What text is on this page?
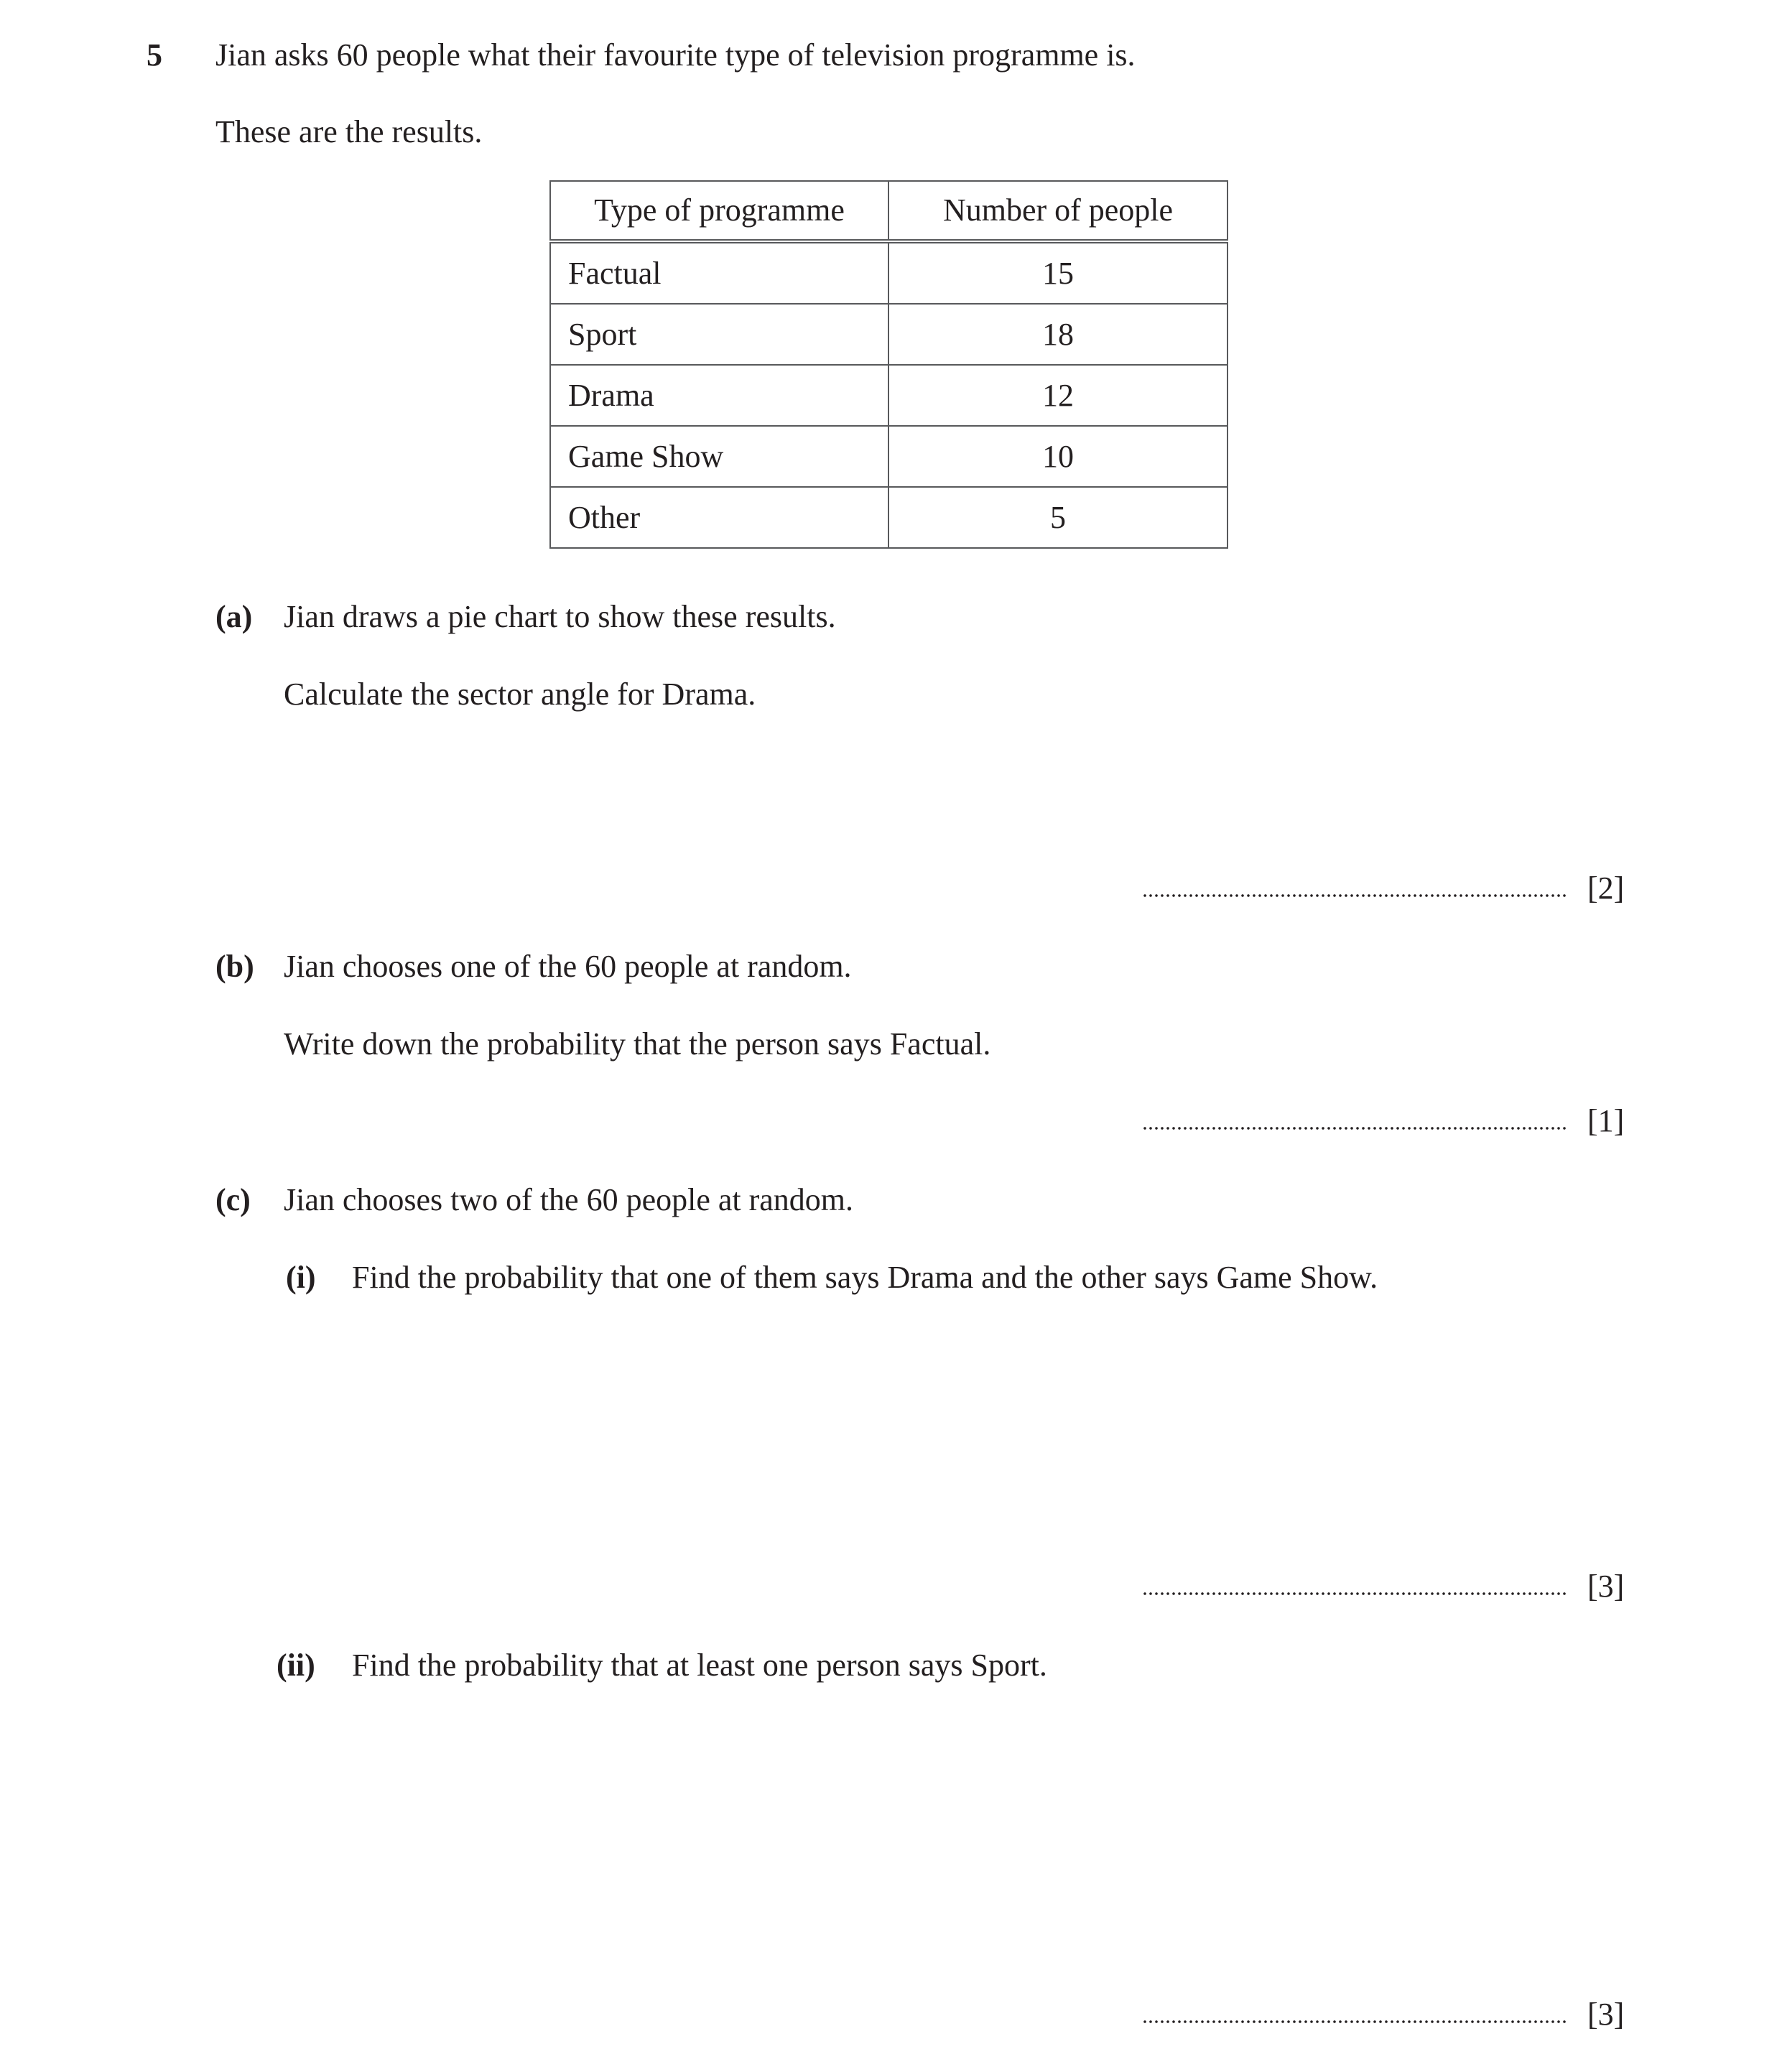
5 Jian asks 60 people what their favourite type of television programme is.
These are the results.
Type of programme	Number of people
Factual	15
Sport	18
Drama	12
Game Show	10
Other	5
(a) Jian draws a pie chart to show these results.
Calculate the sector angle for Drama.
[2]
(b) Jian chooses one of the 60 people at random.
Write down the probability that the person says Factual.
[1]
(c) Jian chooses two of the 60 people at random.
(i) Find the probability that one of them says Drama and the other says Game Show.
[3]
(ii) Find the probability that at least one person says Sport.
[3]
